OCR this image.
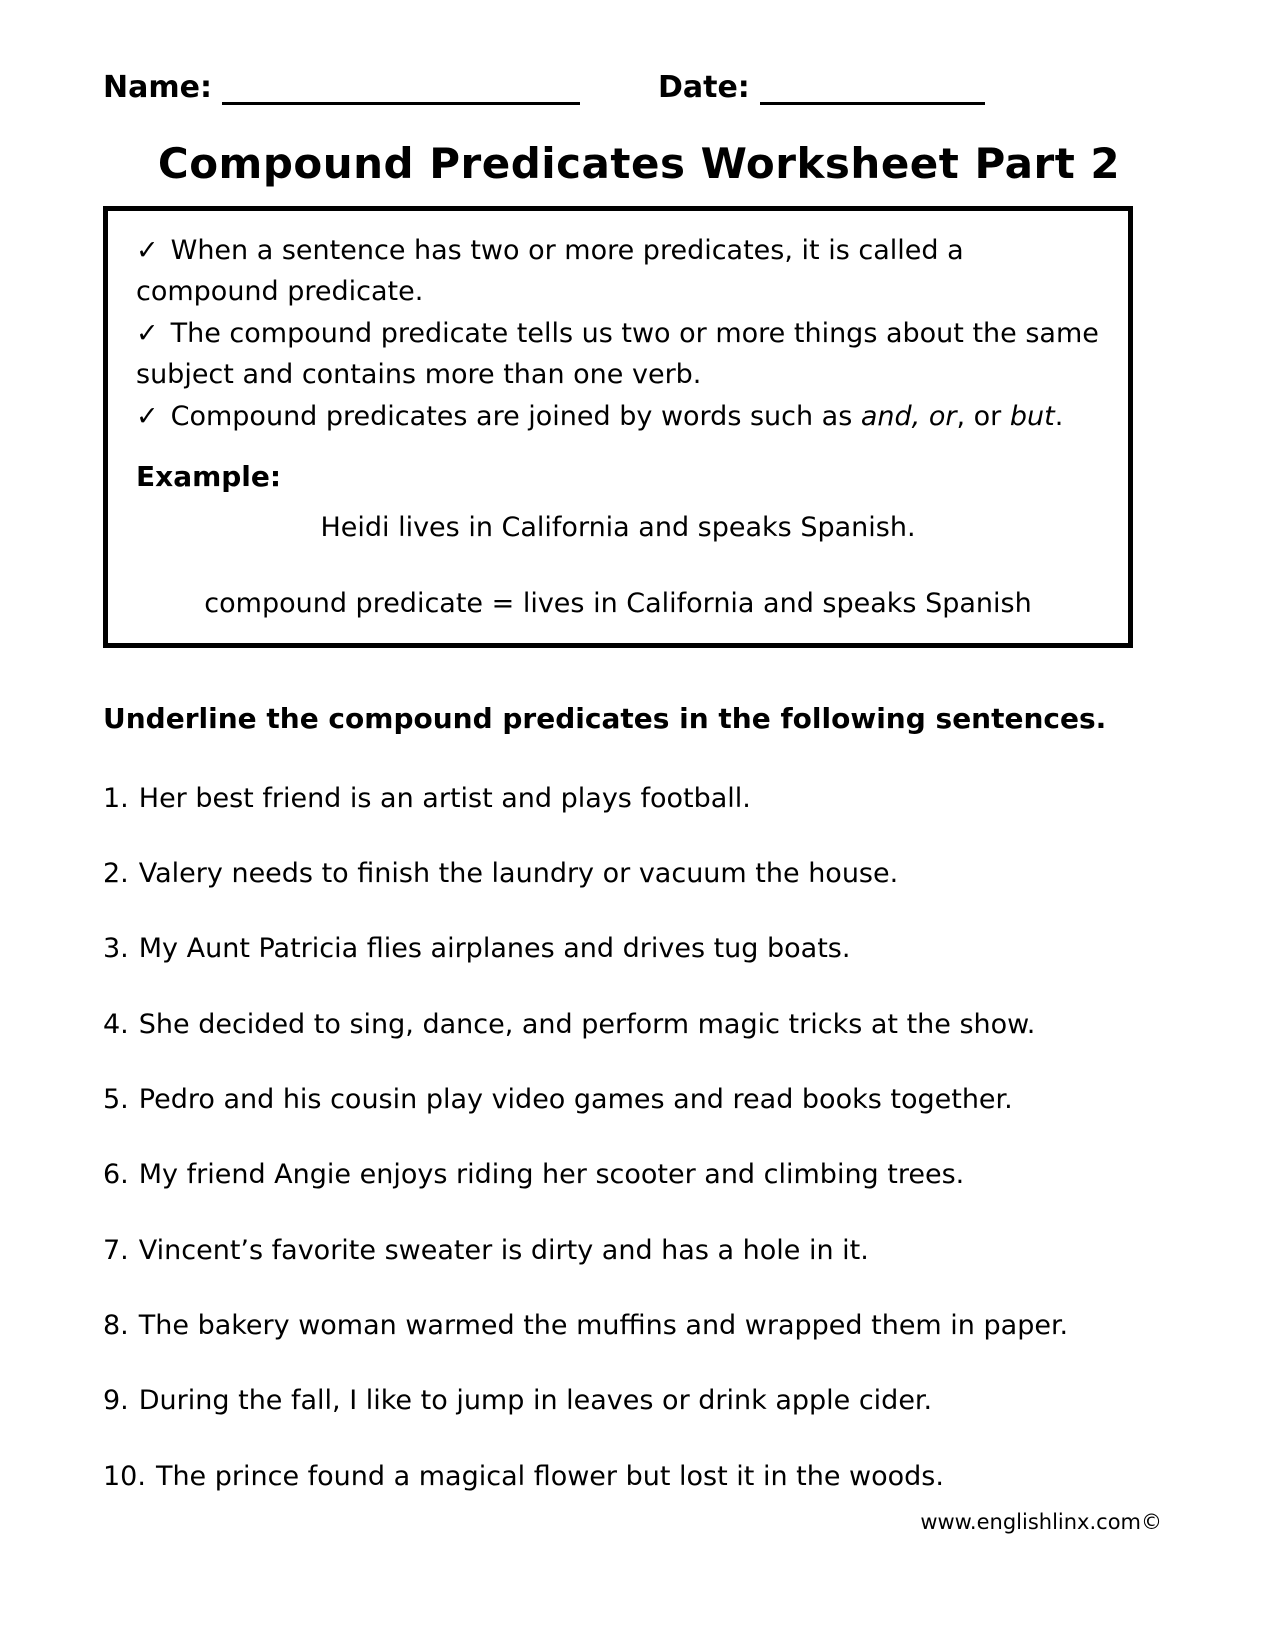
Name:	Date:
Compound Predicates Worksheet Part 2

✓ When a sentence has two or more predicates, it is called a compound predicate.

✓ The compound predicate tells us two or more things about the same subject and contains more than one verb.

✓ Compound predicates are joined by words such as and, or, or but.

Example:

Heidi lives in California and speaks Spanish.

compound predicate = lives in California and speaks Spanish

Underline the compound predicates in the following sentences.

1. Her best friend is an artist and plays football.

2. Valery needs to finish the laundry or vacuum the house.

3. My Aunt Patricia flies airplanes and drives tug boats.

4. She decided to sing, dance, and perform magic tricks at the show.

5. Pedro and his cousin play video games and read books together.

6. My friend Angie enjoys riding her scooter and climbing trees.

7. Vincent’s favorite sweater is dirty and has a hole in it.

8. The bakery woman warmed the muffins and wrapped them in paper.

9. During the fall, I like to jump in leaves or drink apple cider.

10. The prince found a magical flower but lost it in the woods.

www.englishlinx.com©
